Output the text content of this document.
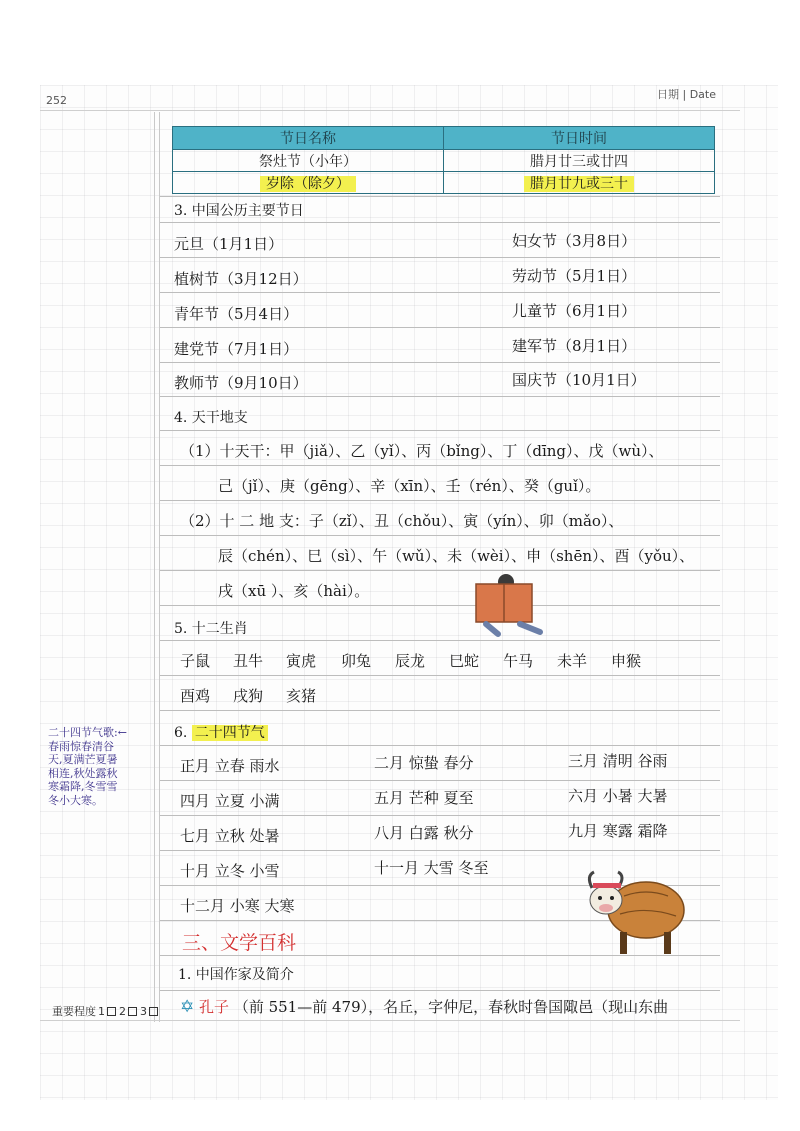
252	日期 | Date
节日名称	节日时间
祭灶节（小年）	腊月廿三或廿四
岁除（除夕）	腊月廿九或三十
3. 中国公历主要节日
元旦（1月1日）	妇女节（3月8日）
植树节（3月12日）	劳动节（5月1日）
青年节（5月4日）	儿童节（6月1日）
建党节（7月1日）	建军节（8月1日）
教师节（9月10日）	国庆节（10月1日）
4. 天干地支
（1）十天干：甲（jiǎ）、乙（yǐ）、丙（bǐng）、丁（dīng）、戊（wù）、
己（jǐ）、庚（gēng）、辛（xīn）、壬（rén）、癸（guǐ）。
（2）十 二 地 支：子（zǐ）、丑（chǒu）、寅（yín）、卯（mǎo）、
辰（chén）、巳（sì）、午（wǔ）、未（wèi）、申（shēn）、酉（yǒu）、
戌（xū ）、亥（hài）。
5. 十二生肖
子鼠 丑牛 寅虎 卯兔 辰龙 巳蛇 午马 未羊 申猴
酉鸡 戌狗 亥猪
二十四节气歌:←
春雨惊春清谷
天,夏满芒夏暑
相连,秋处露秋
寒霜降,冬雪雪
冬小大寒。
6. 二十四节气
正月 立春 雨水	二月 惊蛰 春分	三月 清明 谷雨
四月 立夏 小满	五月 芒种 夏至	六月 小暑 大暑
七月 立秋 处暑	八月 白露 秋分	九月 寒露 霜降
十月 立冬 小雪	十一月 大雪 冬至
十二月 小寒 大寒
三、文学百科
1. 中国作家及简介
✡ 孔子 （前 551—前 479），名丘，字仲尼，春秋时鲁国陬邑（现山东曲
重要程度 1 2 3
